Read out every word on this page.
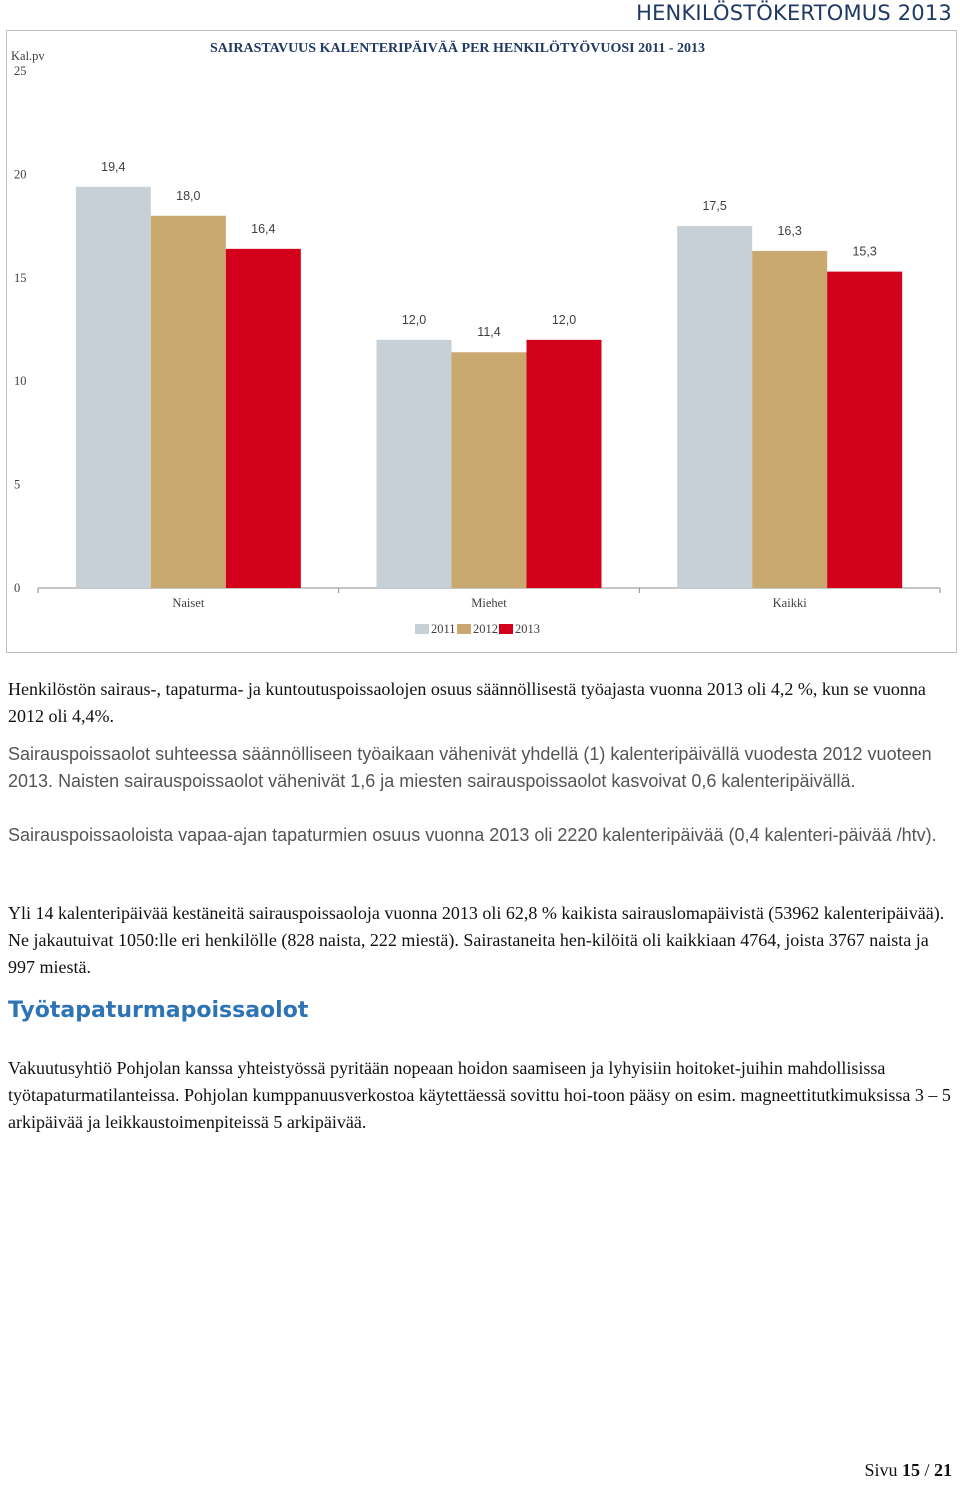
HENKILÖSTÖKERTOMUS 2013
SAIRASTAVUUS KALENTERIPÄIVÄÄ PER HENKILÖTYÖVUOSI 2011 - 2013
Kal.pv
0
5
10
15
20
25
19,4
12,0
17,5
18,0
11,4
16,3
16,4
12,0
15,3
Naiset	Miehet	Kaikki
2011 2012 2013

Henkilöstön sairaus-, tapaturma- ja kuntoutuspoissaolojen osuus säännöllisestä työajasta vuonna 2013 oli 4,2 %, kun se vuonna 2012 oli 4,4%.

Sairauspoissaolot suhteessa säännölliseen työaikaan vähenivät yhdellä (1) kalenteripäivällä vuodesta 2012 vuoteen 2013. Naisten sairauspoissaolot vähenivät 1,6 ja miesten sairauspoissaolot kasvoivat 0,6 kalenteripäivällä.

Sairauspoissaoloista vapaa-ajan tapaturmien osuus vuonna 2013 oli 2220 kalenteripäivää (0,4 kalenteri-päivää /htv).

Yli 14 kalenteripäivää kestäneitä sairauspoissaoloja vuonna 2013 oli 62,8 % kaikista sairauslomapäivistä (53962 kalenteripäivää). Ne jakautuivat 1050:lle eri henkilölle (828 naista, 222 miestä). Sairastaneita hen-kilöitä oli kaikkiaan 4764, joista 3767 naista ja 997 miestä.

Työtapaturmapoissaolot

Vakuutusyhtiö Pohjolan kanssa yhteistyössä pyritään nopeaan hoidon saamiseen ja lyhyisiin hoitoket-juihin mahdollisissa työtapaturmatilanteissa. Pohjolan kumppanuusverkostoa käytettäessä sovittu hoi-toon pääsy on esim. magneettitutkimuksissa 3 – 5 arkipäivää ja leikkaustoimenpiteissä 5 arkipäivää.

Sivu 15 / 21
